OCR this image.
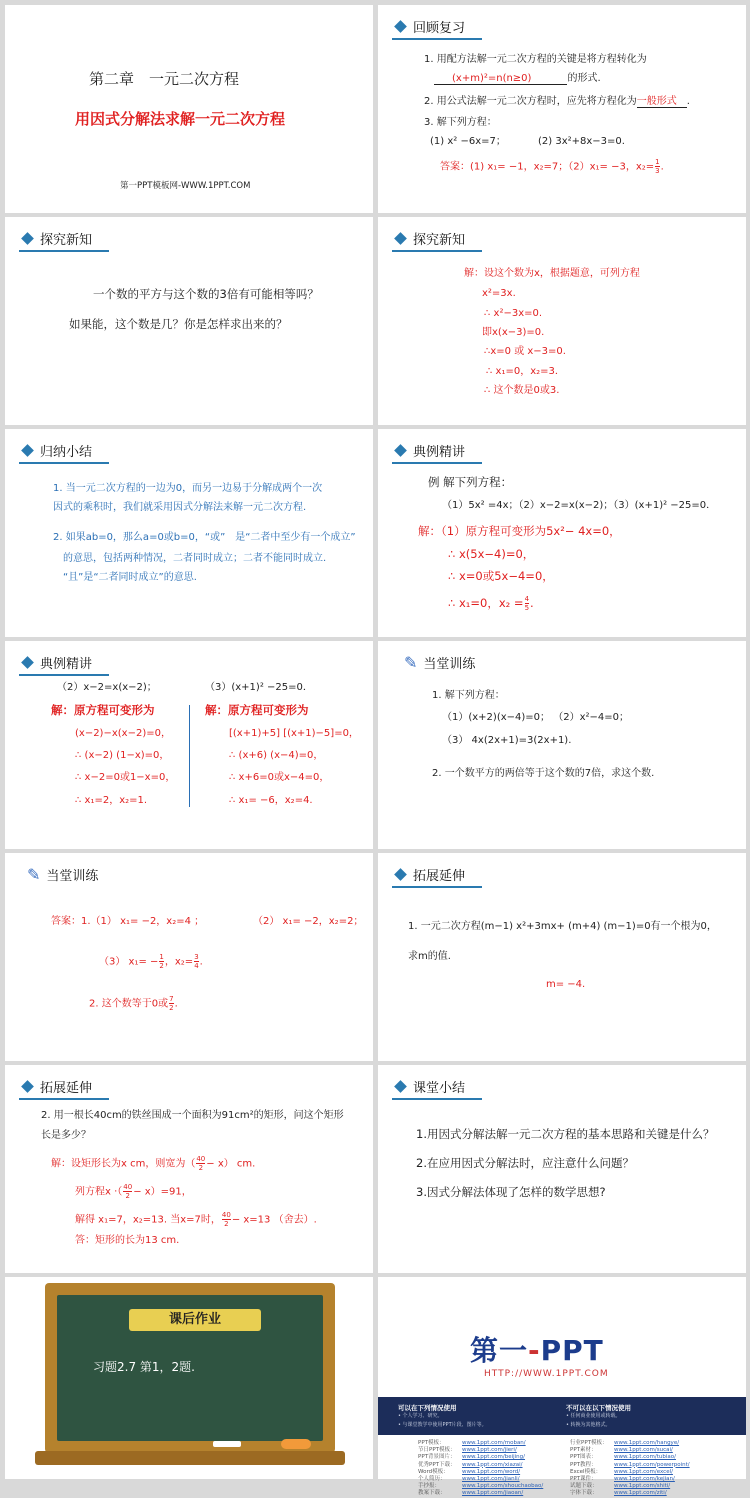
第二章　一元二次方程
用因式分解法求解一元二次方程
第一PPT模板网-WWW.1PPT.COM
回顾复习
1. 用配方法解一元二次方程的关键是将方程转化为
(x+m)²=n(n≥0)	的形式.
2. 用公式法解一元二次方程时，应先将方程化为一般形式 .
3. 解下列方程：
(1) x² −6x=7；	(2) 3x²+8x−3=0.
答案：(1) x₁= −1，x₂=7；（2）x₁= −3，$x_2= \frac{1}{3}$ .
探究新知
一个数的平方与这个数的3倍有可能相等吗？
如果能，这个数是几？你是怎样求出来的？
探究新知
解：设这个数为x，根据题意，可列方程
x²=3x.
∴ x²−3x=0.
即x(x−3)=0.
∴x=0 或 x−3=0.
∴ x₁=0，x₂=3．
∴ 这个数是0或3.
归纳小结
1. 当一元二次方程的一边为0，而另一边易于分解成两个一次
因式的乘积时，我们就采用因式分解法来解一元二次方程.
2. 如果ab=0，那么a=0或b=0，“或”　是“二者中至少有一个成立”
的意思，包括两种情况，二者同时成立；二者不能同时成立.
“且”是“二者同时成立”的意思.
典例精讲
例 解下列方程：
（1）5x² =4x；（2）x−2=x(x−2)；（3）(x+1)² −25=0．
解：（1）原方程可变形为5x²− 4x=0，
∴ x(5x−4)=0，
∴ x=0或5x−4=0，
∴ x₁=0，$x_2 = \frac{4}{5}$ .
典例精讲
（2）x−2=x(x−2)；
解：原方程可变形为
(x−2)−x(x−2)=0，
∴ (x−2) (1−x)=0，
∴ x−2=0或1−x=0，
∴ x₁=2，x₂=1.
（3）(x+1)² −25=0．
解：原方程可变形为
[(x+1)+5] [(x+1)−5]=0，
∴ (x+6) (x−4)=0，
∴ x+6=0或x−4=0，
∴ x₁= −6，x₂=4.
✎ 当堂训练
1. 解下列方程：
（1）(x+2)(x−4)=0； （2）x²−4=0；
（3） 4x(2x+1)=3(2x+1).
2. 一个数平方的两倍等于这个数的7倍，求这个数.
✎ 当堂训练
答案：1.（1） x₁= −2，x₂=4 ；	（2） x₁= −2，x₂=2；
（3） $x_1= - \frac{1}{2}$ ，$x_2= \frac{3}{4}$ .
2. 这个数等于0或 $\frac{7}{2}$ .
拓展延伸
1. 一元二次方程(m−1) x²+3mx+ (m+4) (m−1)=0有一个根为0，
求m的值.
m= −4.
拓展延伸
2. 用一根长40cm的铁丝围成一个面积为91cm²的矩形，问这个矩形
长是多少？
解：设矩形长为x cm，则宽为（ $\frac{40}{2} - x$） cm.
列方程x ·（ $\frac{40}{2} - x)=91$，
解得 x₁=7，x₂=13. 当x=7时， $\frac{40}{2} - x=13$ （舍去）.
答：矩形的长为13 cm.
课堂小结
1.用因式分解法解一元二次方程的基本思路和关键是什么？
2.在应用因式分解法时，应注意什么问题？
3.因式分解法体现了怎样的数学思想?
课后作业
习题2.7 第1，2题.	第一-PPT
HTTP://WWW.1PPT.COM
可以在下列情况使用
• 个人学习、研究。
• 与课堂教学中使用PPT片段、图片等。
不可以在以下情况使用
• 任何商业使用或转载。
• 转换为其他格式。
PPT模板：	www.1ppt.com/moban/
节日PPT模板： www.1ppt.com/jieri/
PPT背景图片： www.1ppt.com/beijing/
优秀PPT下载： www.1ppt.com/xiazai/
Word模板： www.1ppt.com/word/
个人简历：	www.1ppt.com/jianli/
手抄报：	www.1ppt.com/shouchaobao/
教案下载：	www.1ppt.com/jiaoan/
行业PPT模板： www.1ppt.com/hangye/
PPT素材：	www.1ppt.com/sucai/
PPT图表：	www.1ppt.com/tubiao/
PPT教程：	www.1ppt.com/powerpoint/
Excel模板： www.1ppt.com/excel/
PPT课件：	www.1ppt.com/kejian/
试题下载：	www.1ppt.com/shiti/
字体下载：	www.1ppt.com/ziti/
